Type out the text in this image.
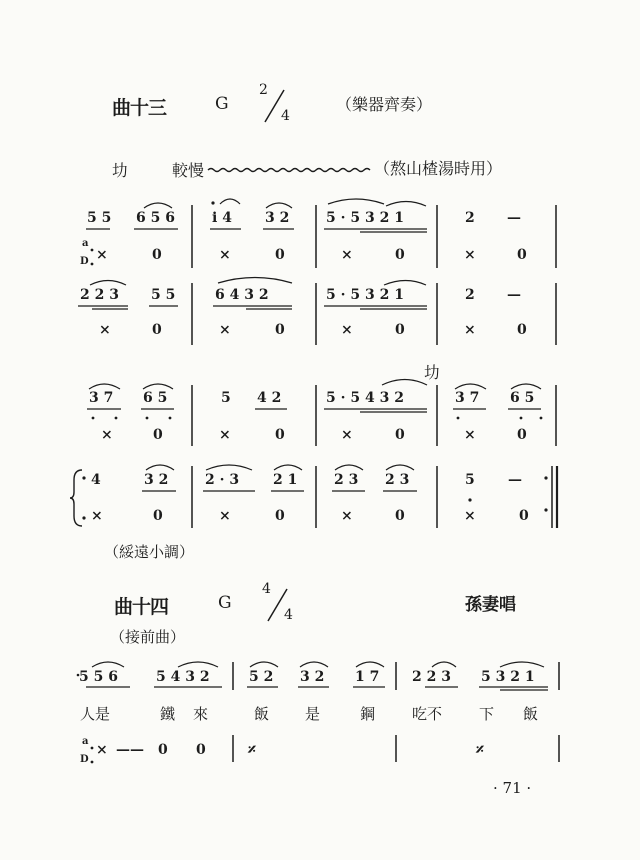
曲十三	G
2
4
（樂器齊奏）
㘦	較慢	（熬山楂湯時用）
5 5 6 5 6	i 4 3 2	5 · 5 3 2 1	2 —
a
D ×	0	×	0	×	0	×	0
2 2 3 5 5	6 4 3 2	5 · 5 3 2 1	2 —
×	0	×	0	×	0	×	0
㘦
3 7 6 5	5 4 2	5 · 5 4 3 2	3 7 6 5
×	0	×	0	×	0	×	0
4	3 2	2 · 3 2 1	2 3 2 3	5 —
×	0	×	0	×	0	×	0
（綏遠小調）
曲十四	G
4
4	孫妻唱
（接前曲）
5 5 6	5 4 3 2	5 2 3 2 1 7 2 2 3 5 3 2 1
人是	鐵 來	飯 是	鋼 吃不 下 飯
a
D
× —— 0 0	𝄎	𝄎
· 71 ·
